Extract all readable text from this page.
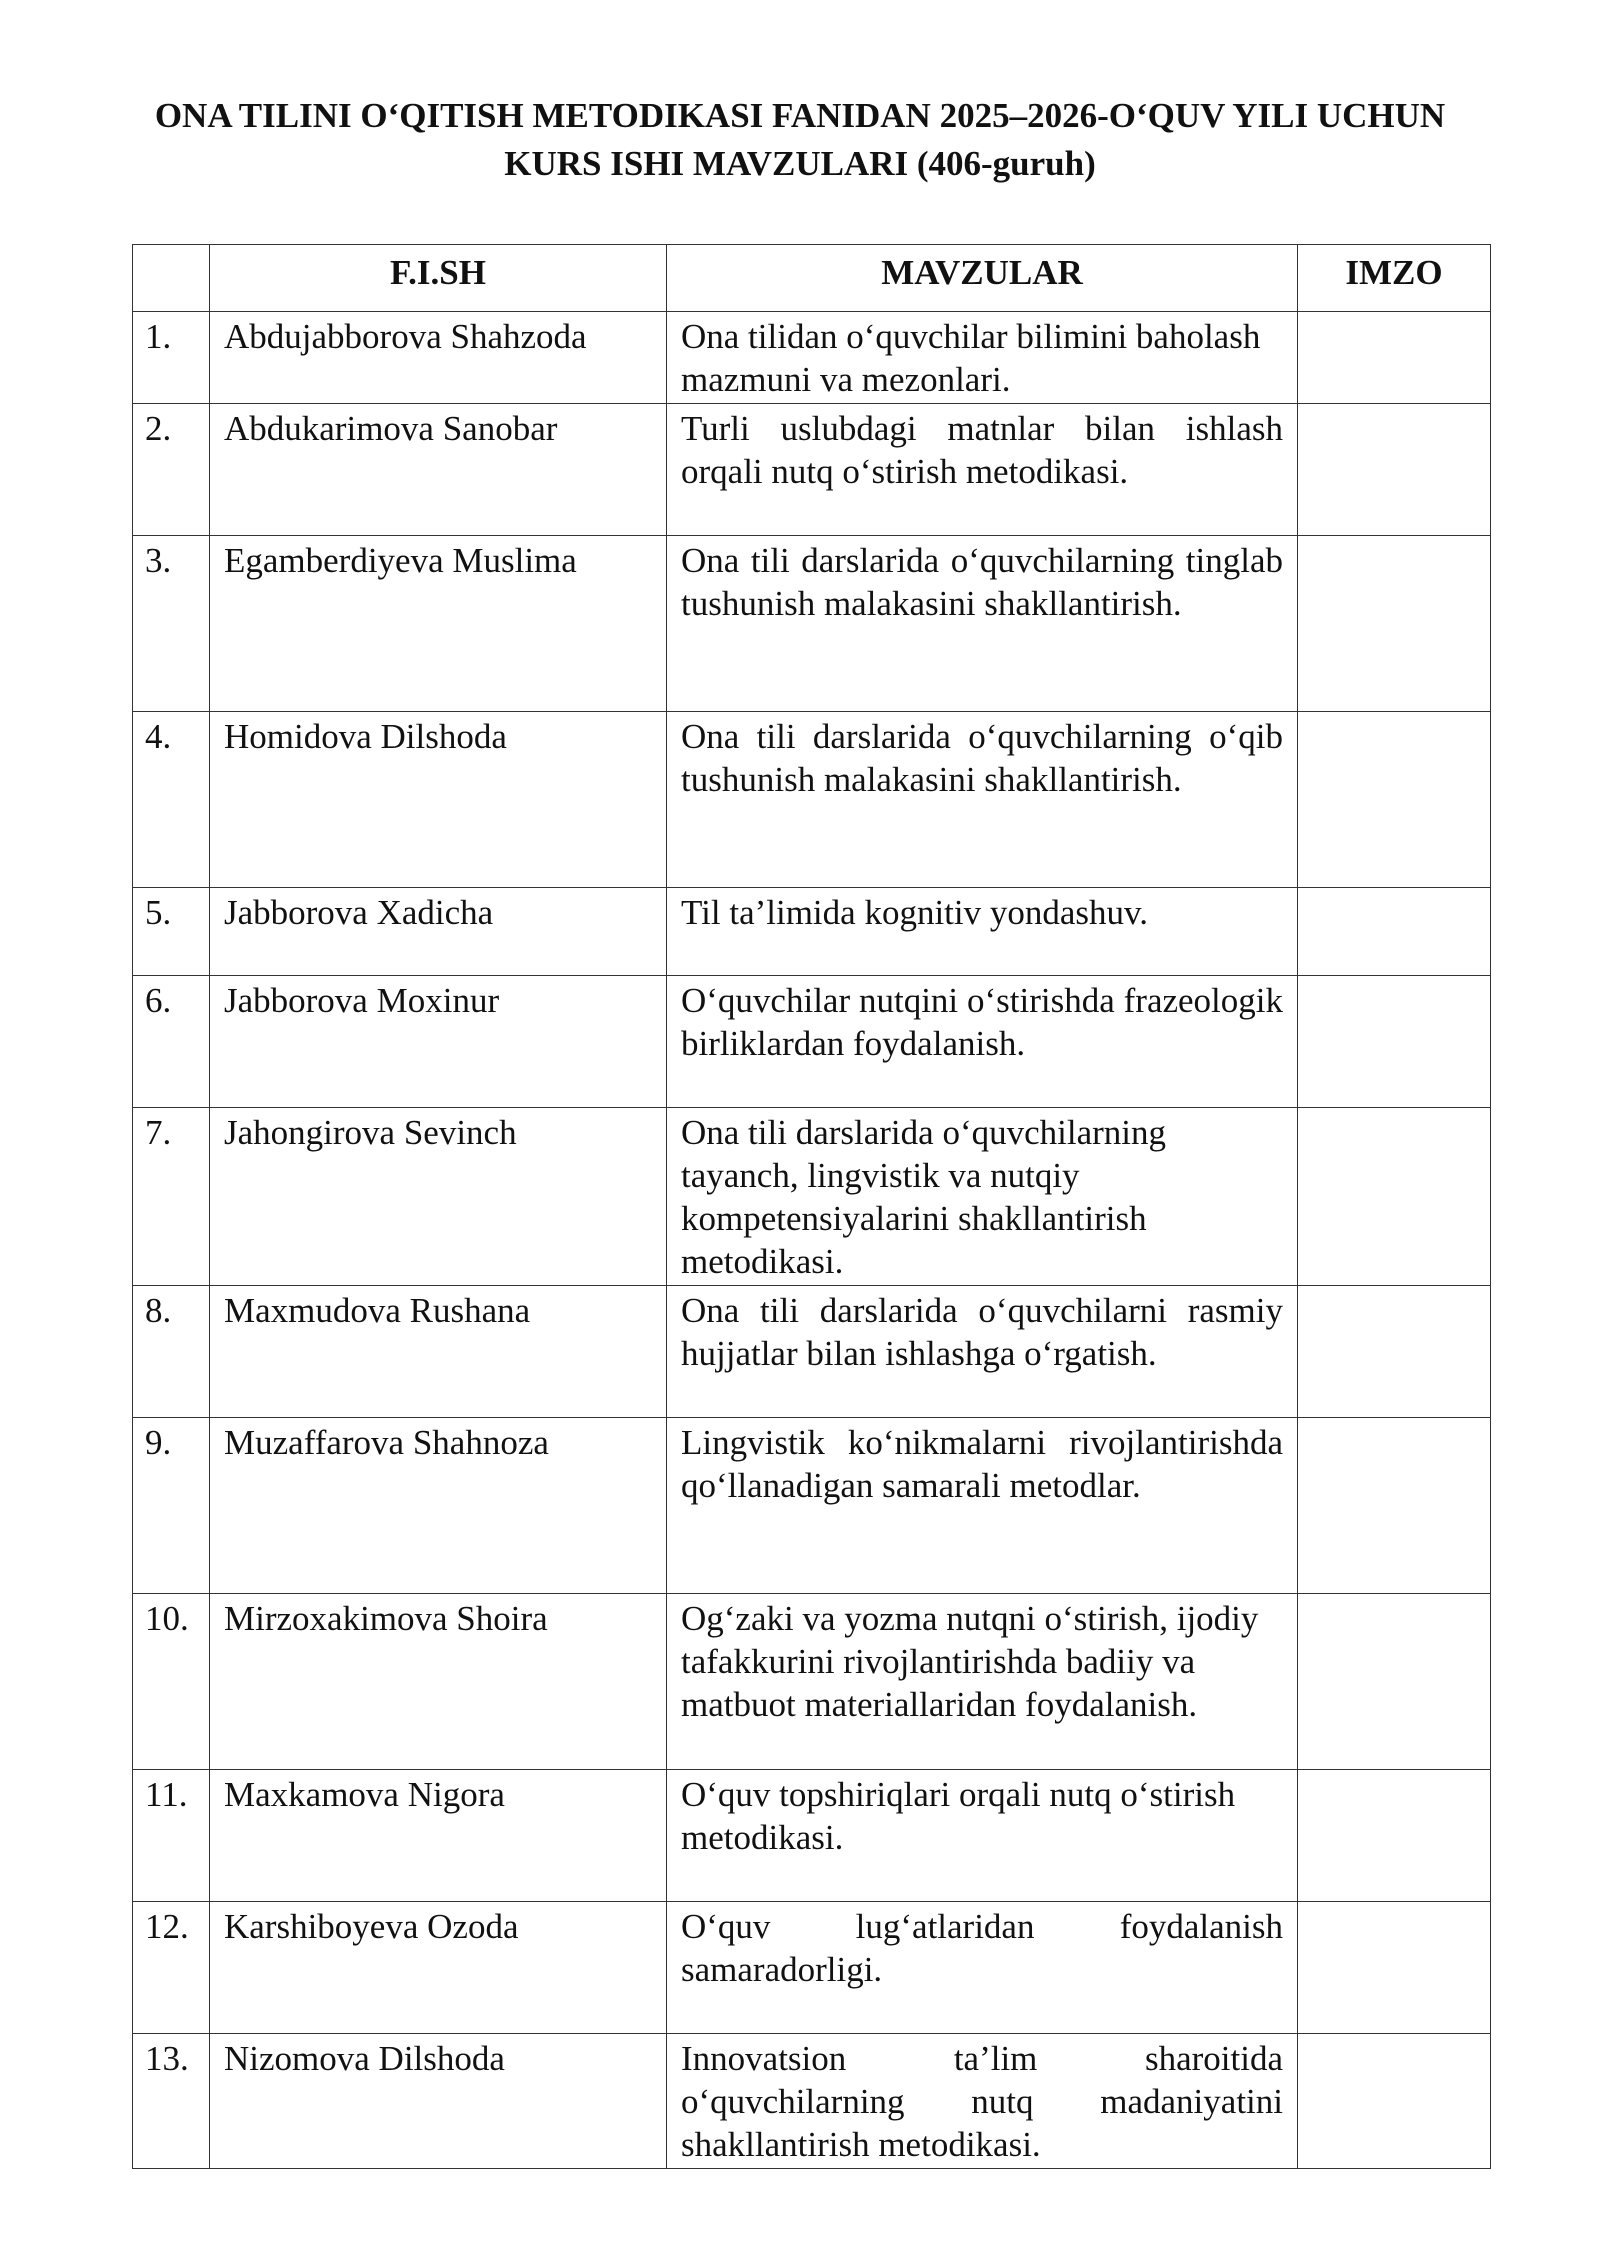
ONA TILINI O‘QITISH METODIKASI FANIDAN 2025–2026-O‘QUV YILI UCHUN
KURS ISHI MAVZULARI (406-guruh)
	F.I.SH	MAVZULAR	IMZO
1.	Abdujabborova Shahzoda	Ona tilidan o‘quvchilar bilimini baholash mazmuni va mezonlari.	
2.	Abdukarimova Sanobar	Turli uslubdagi matnlar bilan ishlash orqali nutq o‘stirish metodikasi.	
3.	Egamberdiyeva Muslima	Ona tili darslarida o‘quvchilarning tinglab tushunish malakasini shakllantirish.	
4.	Homidova Dilshoda	Ona tili darslarida o‘quvchilarning o‘qib tushunish malakasini shakllantirish.	
5.	Jabborova Xadicha	Til ta’limida kognitiv yondashuv.	
6.	Jabborova Moxinur	O‘quvchilar nutqini o‘stirishda frazeologik birliklardan foydalanish.	
7.	Jahongirova Sevinch	Ona tili darslarida o‘quvchilarning tayanch, lingvistik va nutqiy kompetensiyalarini shakllantirish metodikasi.	
8.	Maxmudova Rushana	Ona tili darslarida o‘quvchilarni rasmiy hujjatlar bilan ishlashga o‘rgatish.	
9.	Muzaffarova Shahnoza	Lingvistik ko‘nikmalarni rivojlantirishda qo‘llanadigan samarali metodlar.	
10.	Mirzoxakimova Shoira	Og‘zaki va yozma nutqni o‘stirish, ijodiy tafakkurini rivojlantirishda badiiy va matbuot materiallaridan foydalanish.	
11.	Maxkamova Nigora	O‘quv topshiriqlari orqali nutq o‘stirish metodikasi.	
12.	Karshiboyeva Ozoda	O‘quv lug‘atlaridan foydalanish samaradorligi.	
13.	Nizomova Dilshoda	Innovatsion ta’lim sharoitida o‘quvchilarning nutq madaniyatini shakllantirish metodikasi.	
